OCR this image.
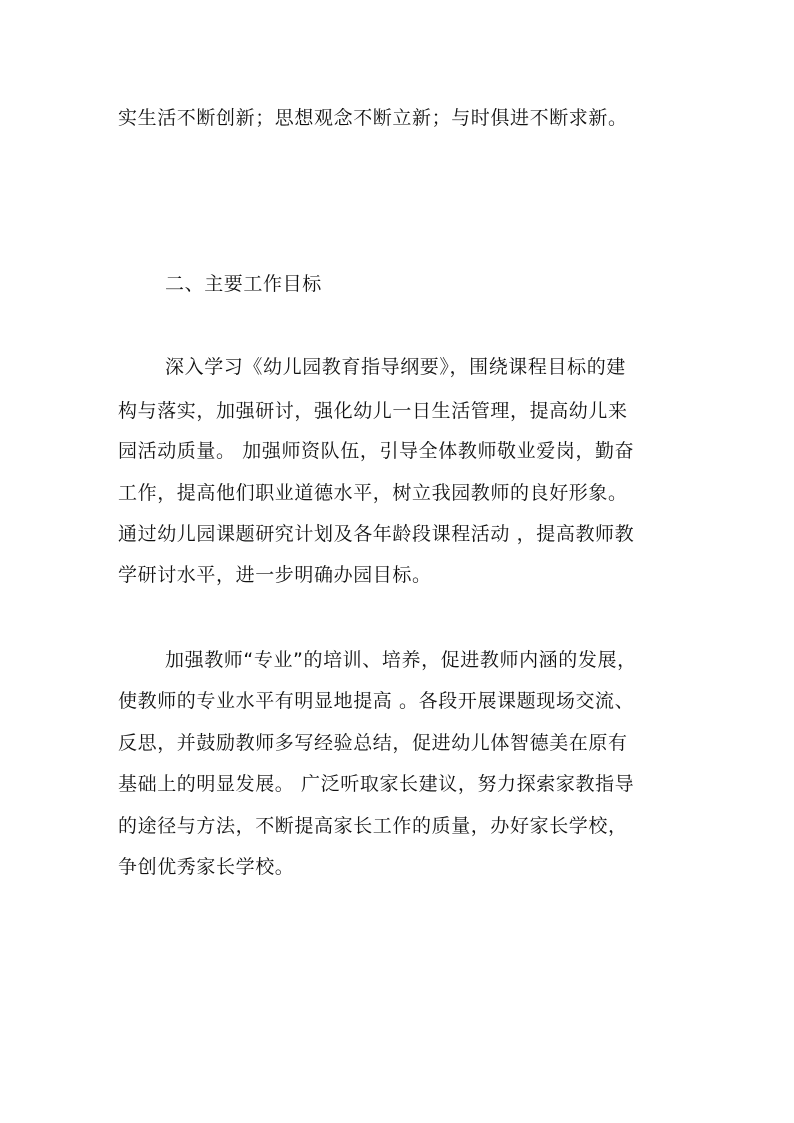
实生活不断创新；思想观念不断立新；与时俱进不断求新。
二、主要工作目标
深入学习《幼儿园教育指导纲要》，围绕课程目标的建
构与落实，加强研讨，强化幼儿一日生活管理，提高幼儿来
园活动质量。 加强师资队伍，引导全体教师敬业爱岗，勤奋
工作，提高他们职业道德水平，树立我园教师的良好形象。
通过幼儿园课题研究计划及各年龄段课程活动 ，提高教师教
学研讨水平，进一步明确办园目标。
加强教师“专业”的培训、培养，促进教师内涵的发展，
使教师的专业水平有明显地提高 。各段开展课题现场交流、
反思，并鼓励教师多写经验总结，促进幼儿体智德美在原有
基础上的明显发展。 广泛听取家长建议，努力探索家教指导
的途径与方法，不断提高家长工作的质量，办好家长学校，
争创优秀家长学校。
